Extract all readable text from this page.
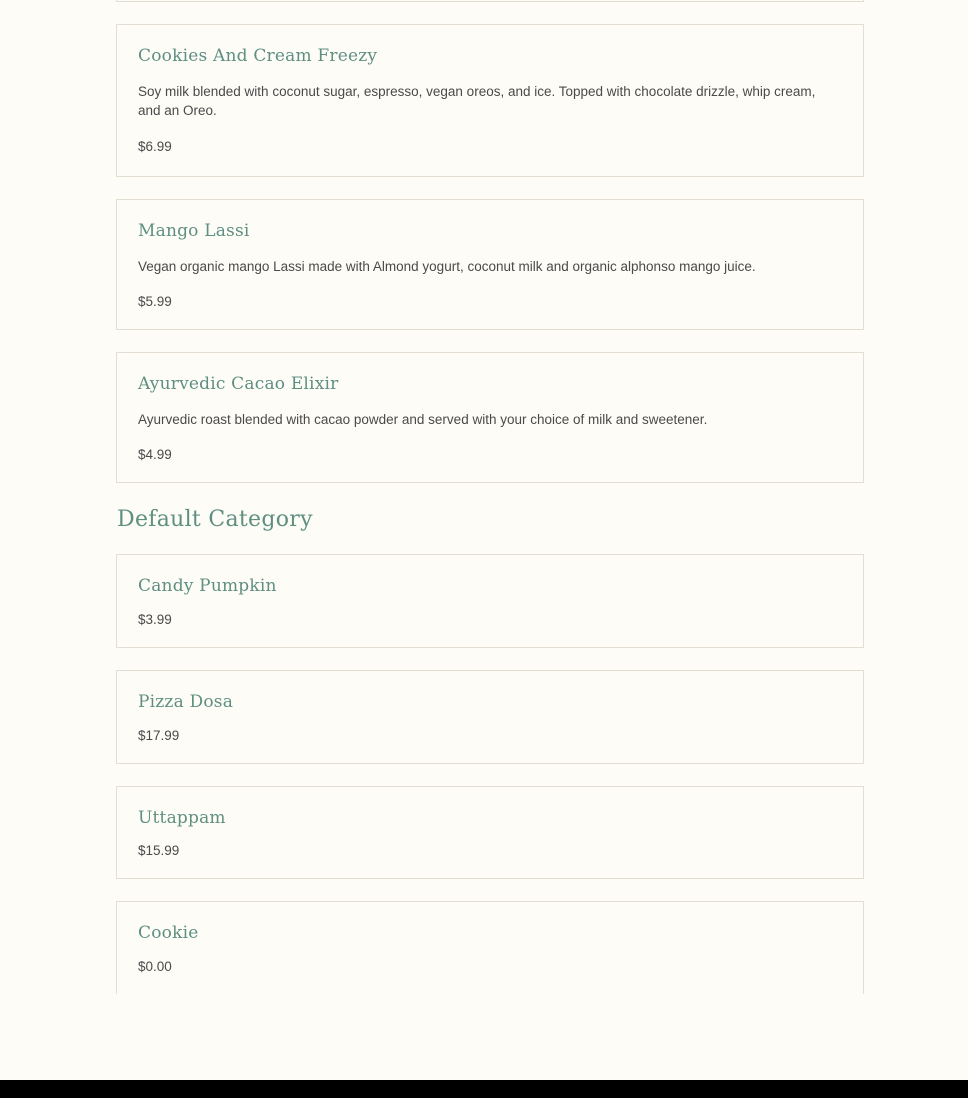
Cookies And Cream Freezy

Soy milk blended with coconut sugar, espresso, vegan oreos, and ice. Topped with chocolate drizzle, whip cream, and an Oreo.

$6.99

Mango Lassi

Vegan organic mango Lassi made with Almond yogurt, coconut milk and organic alphonso mango juice.

$5.99

Ayurvedic Cacao Elixir

Ayurvedic roast blended with cacao powder and served with your choice of milk and sweetener.

$4.99

Default Category
Candy Pumpkin

$3.99

Pizza Dosa

$17.99

Uttappam

$15.99

Cookie

$0.00
